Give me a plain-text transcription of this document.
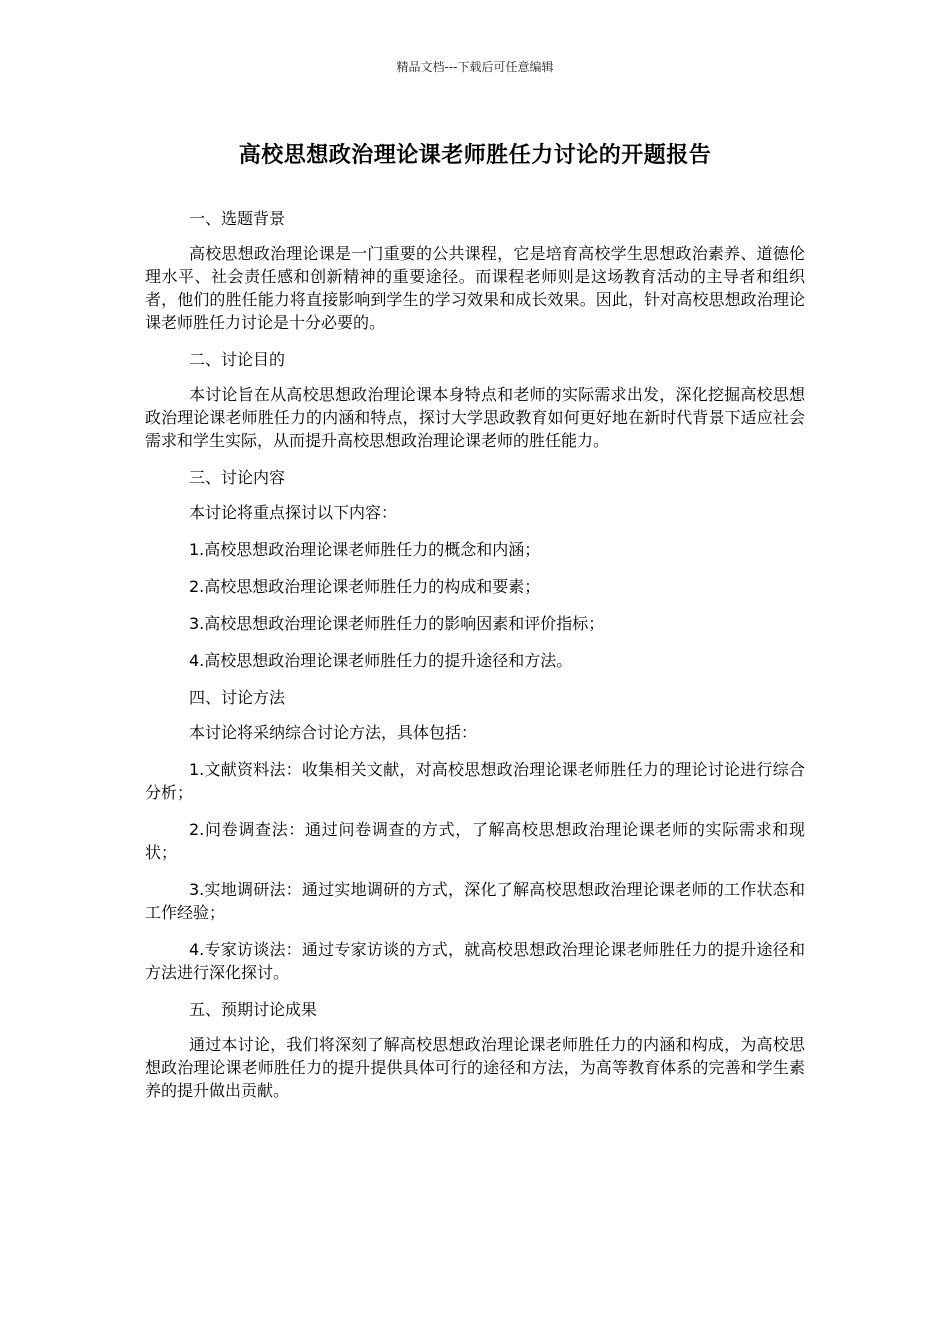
精品文档---下载后可任意编辑
高校思想政治理论课老师胜任力讨论的开题报告

一、选题背景

高校思想政治理论课是一门重要的公共课程，它是培育高校学生思想政治素养、道德伦理水平、社会责任感和创新精神的重要途径。而课程老师则是这场教育活动的主导者和组织者，他们的胜任能力将直接影响到学生的学习效果和成长效果。因此，针对高校思想政治理论课老师胜任力讨论是十分必要的。

二、讨论目的

本讨论旨在从高校思想政治理论课本身特点和老师的实际需求出发，深化挖掘高校思想政治理论课老师胜任力的内涵和特点，探讨大学思政教育如何更好地在新时代背景下适应社会需求和学生实际，从而提升高校思想政治理论课老师的胜任能力。

三、讨论内容

本讨论将重点探讨以下内容：

1.高校思想政治理论课老师胜任力的概念和内涵；

2.高校思想政治理论课老师胜任力的构成和要素；

3.高校思想政治理论课老师胜任力的影响因素和评价指标；

4.高校思想政治理论课老师胜任力的提升途径和方法。

四、讨论方法

本讨论将采纳综合讨论方法，具体包括：

1.文献资料法：收集相关文献，对高校思想政治理论课老师胜任力的理论讨论进行综合分析；

2.问卷调查法：通过问卷调查的方式，了解高校思想政治理论课老师的实际需求和现状；

3.实地调研法：通过实地调研的方式，深化了解高校思想政治理论课老师的工作状态和工作经验；

4.专家访谈法：通过专家访谈的方式，就高校思想政治理论课老师胜任力的提升途径和方法进行深化探讨。

五、预期讨论成果

通过本讨论，我们将深刻了解高校思想政治理论课老师胜任力的内涵和构成，为高校思想政治理论课老师胜任力的提升提供具体可行的途径和方法，为高等教育体系的完善和学生素养的提升做出贡献。
